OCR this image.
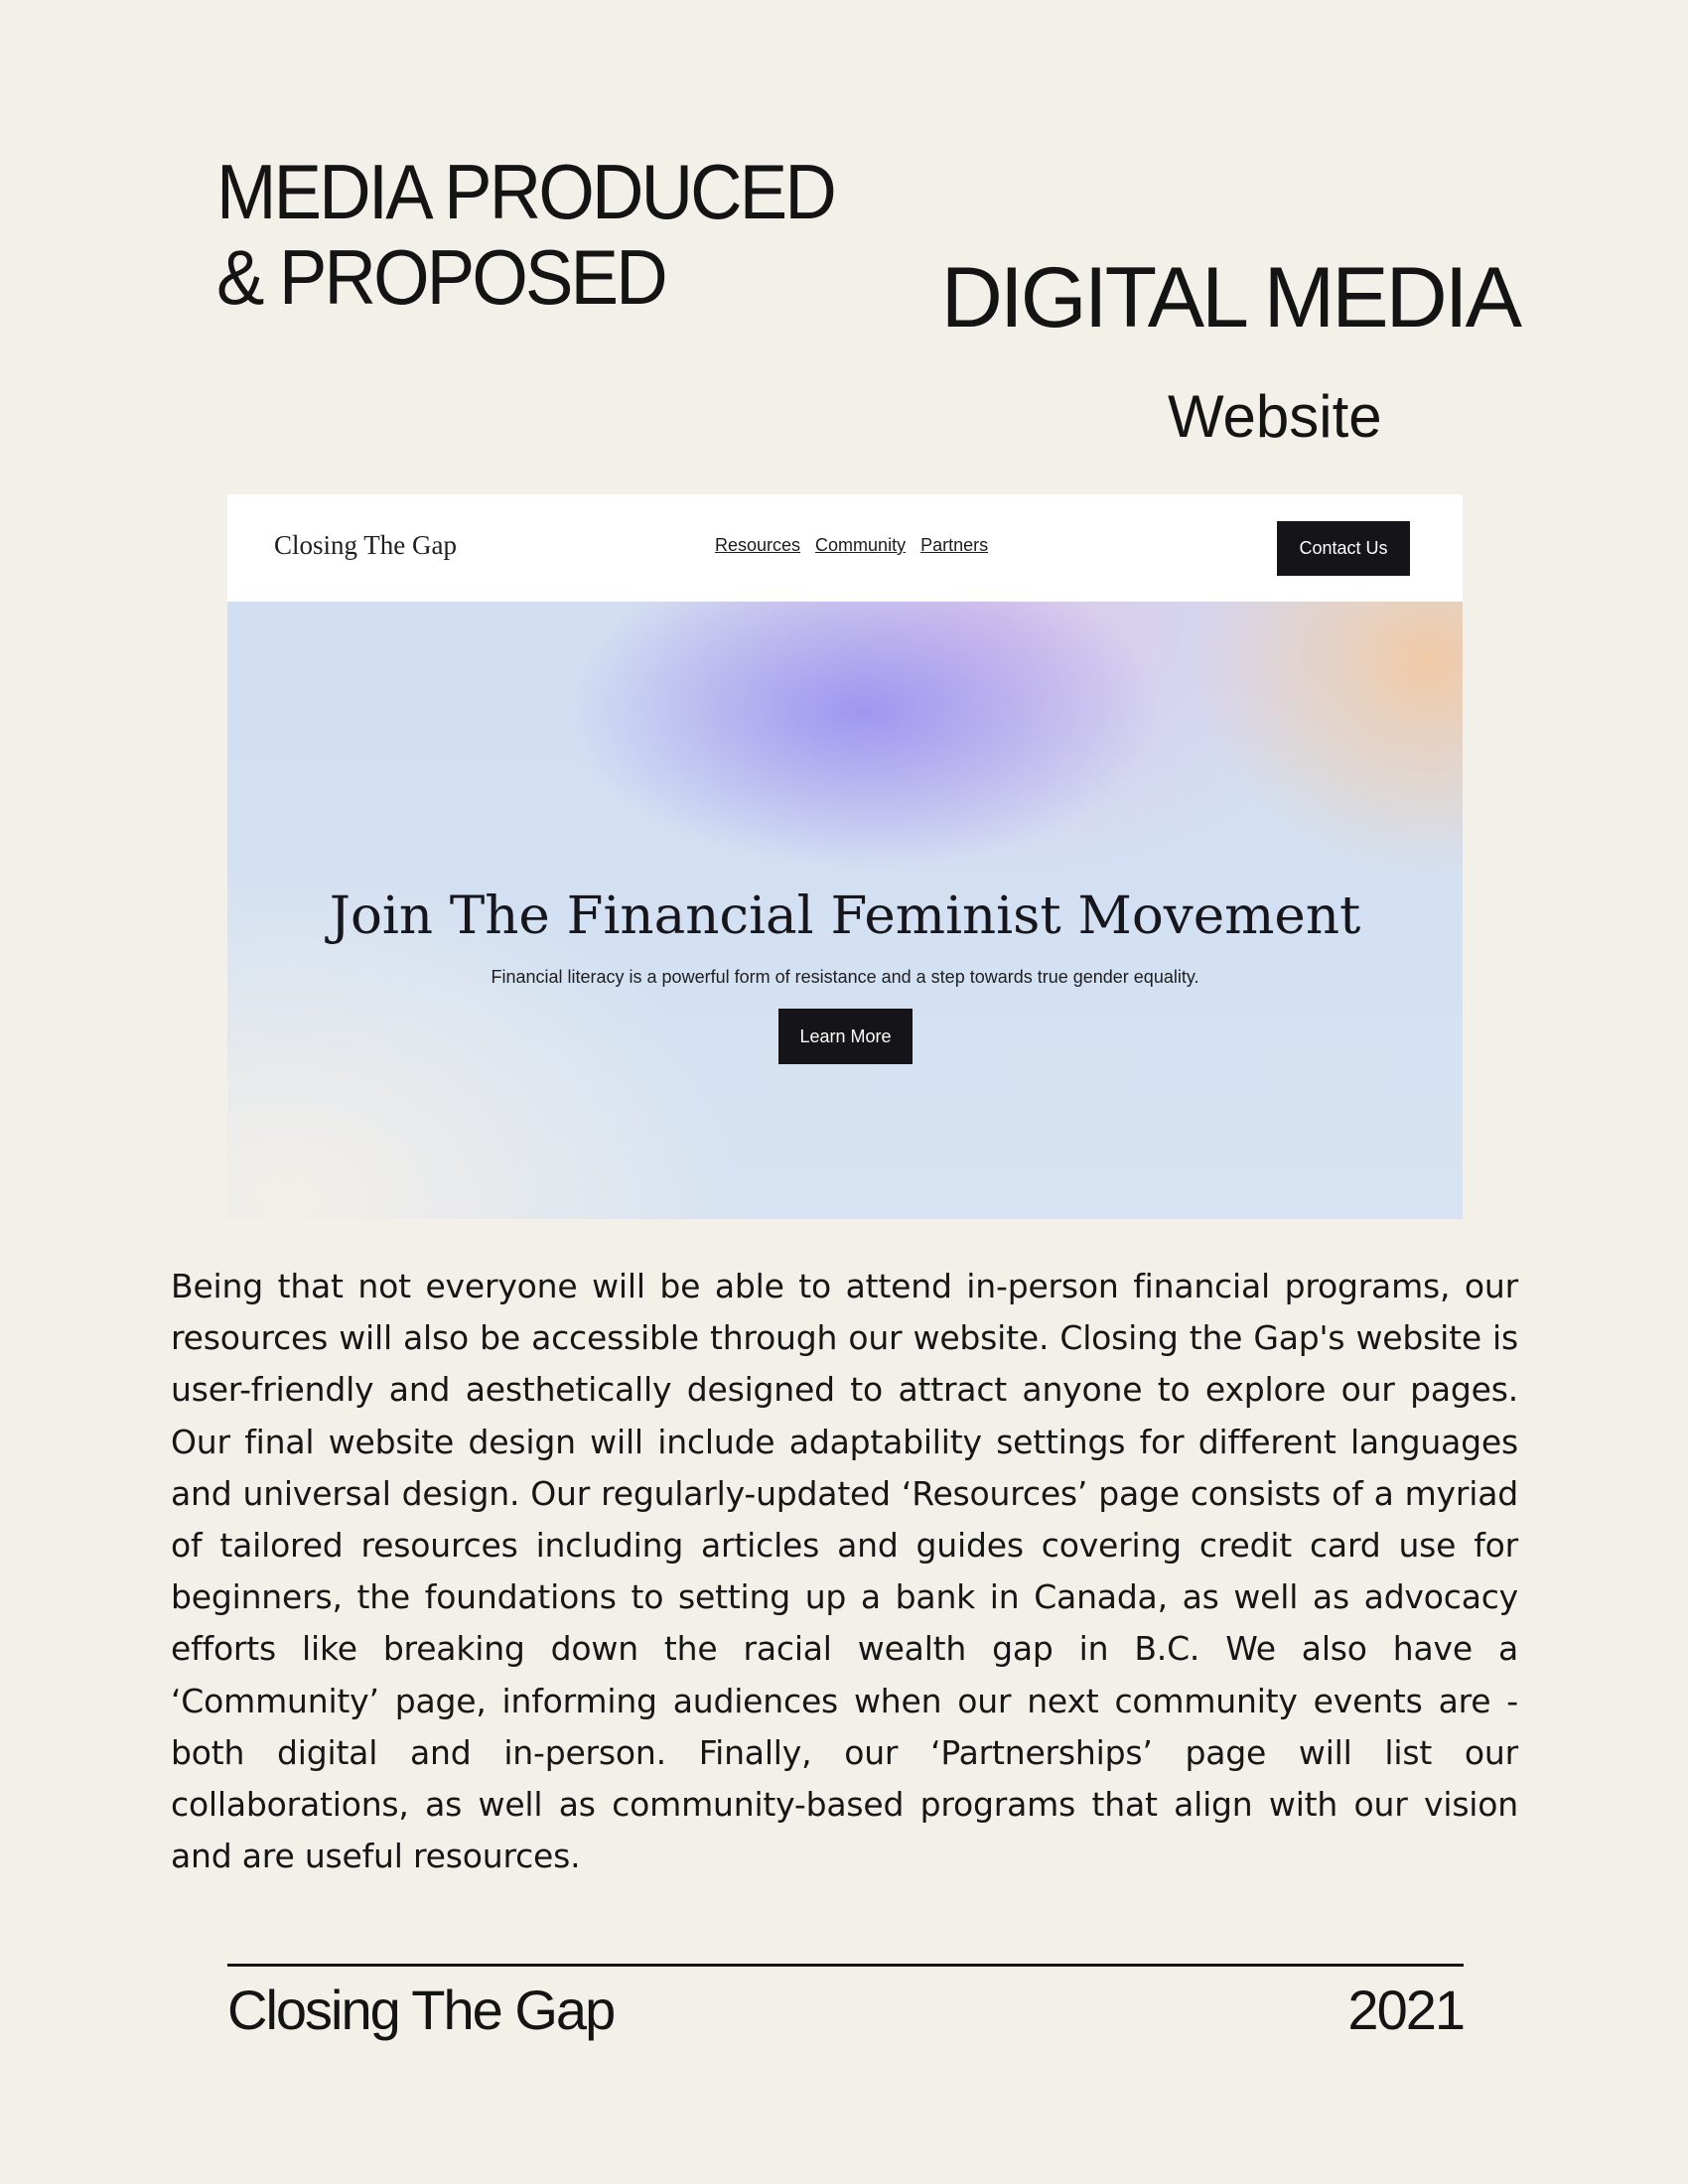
MEDIA PRODUCED
& PROPOSED	DIGITAL MEDIA
Website
Closing The Gap	Resources Community Partners	Contact Us
Join The Financial Feminist Movement

Financial literacy is a powerful form of resistance and a step towards true gender equality.

Learn More

Being that not everyone will be able to attend in-person financial programs, our resources will also be accessible through our website. Closing the Gap's website is user-friendly and aesthetically designed to attract anyone to explore our pages. Our final website design will include adaptability settings for different languages and universal design. Our regularly-updated ‘Resources’ page consists of a myriad of tailored resources including articles and guides covering credit card use for beginners, the foundations to setting up a bank in Canada, as well as advocacy efforts like breaking down the racial wealth gap in B.C. We also have a ‘Community’ page, informing audiences when our next community events are - both digital and in-person. Finally, our ‘Partnerships’ page will list our collaborations, as well as community-based programs that align with our vision and are useful resources.

Closing The Gap	2021
